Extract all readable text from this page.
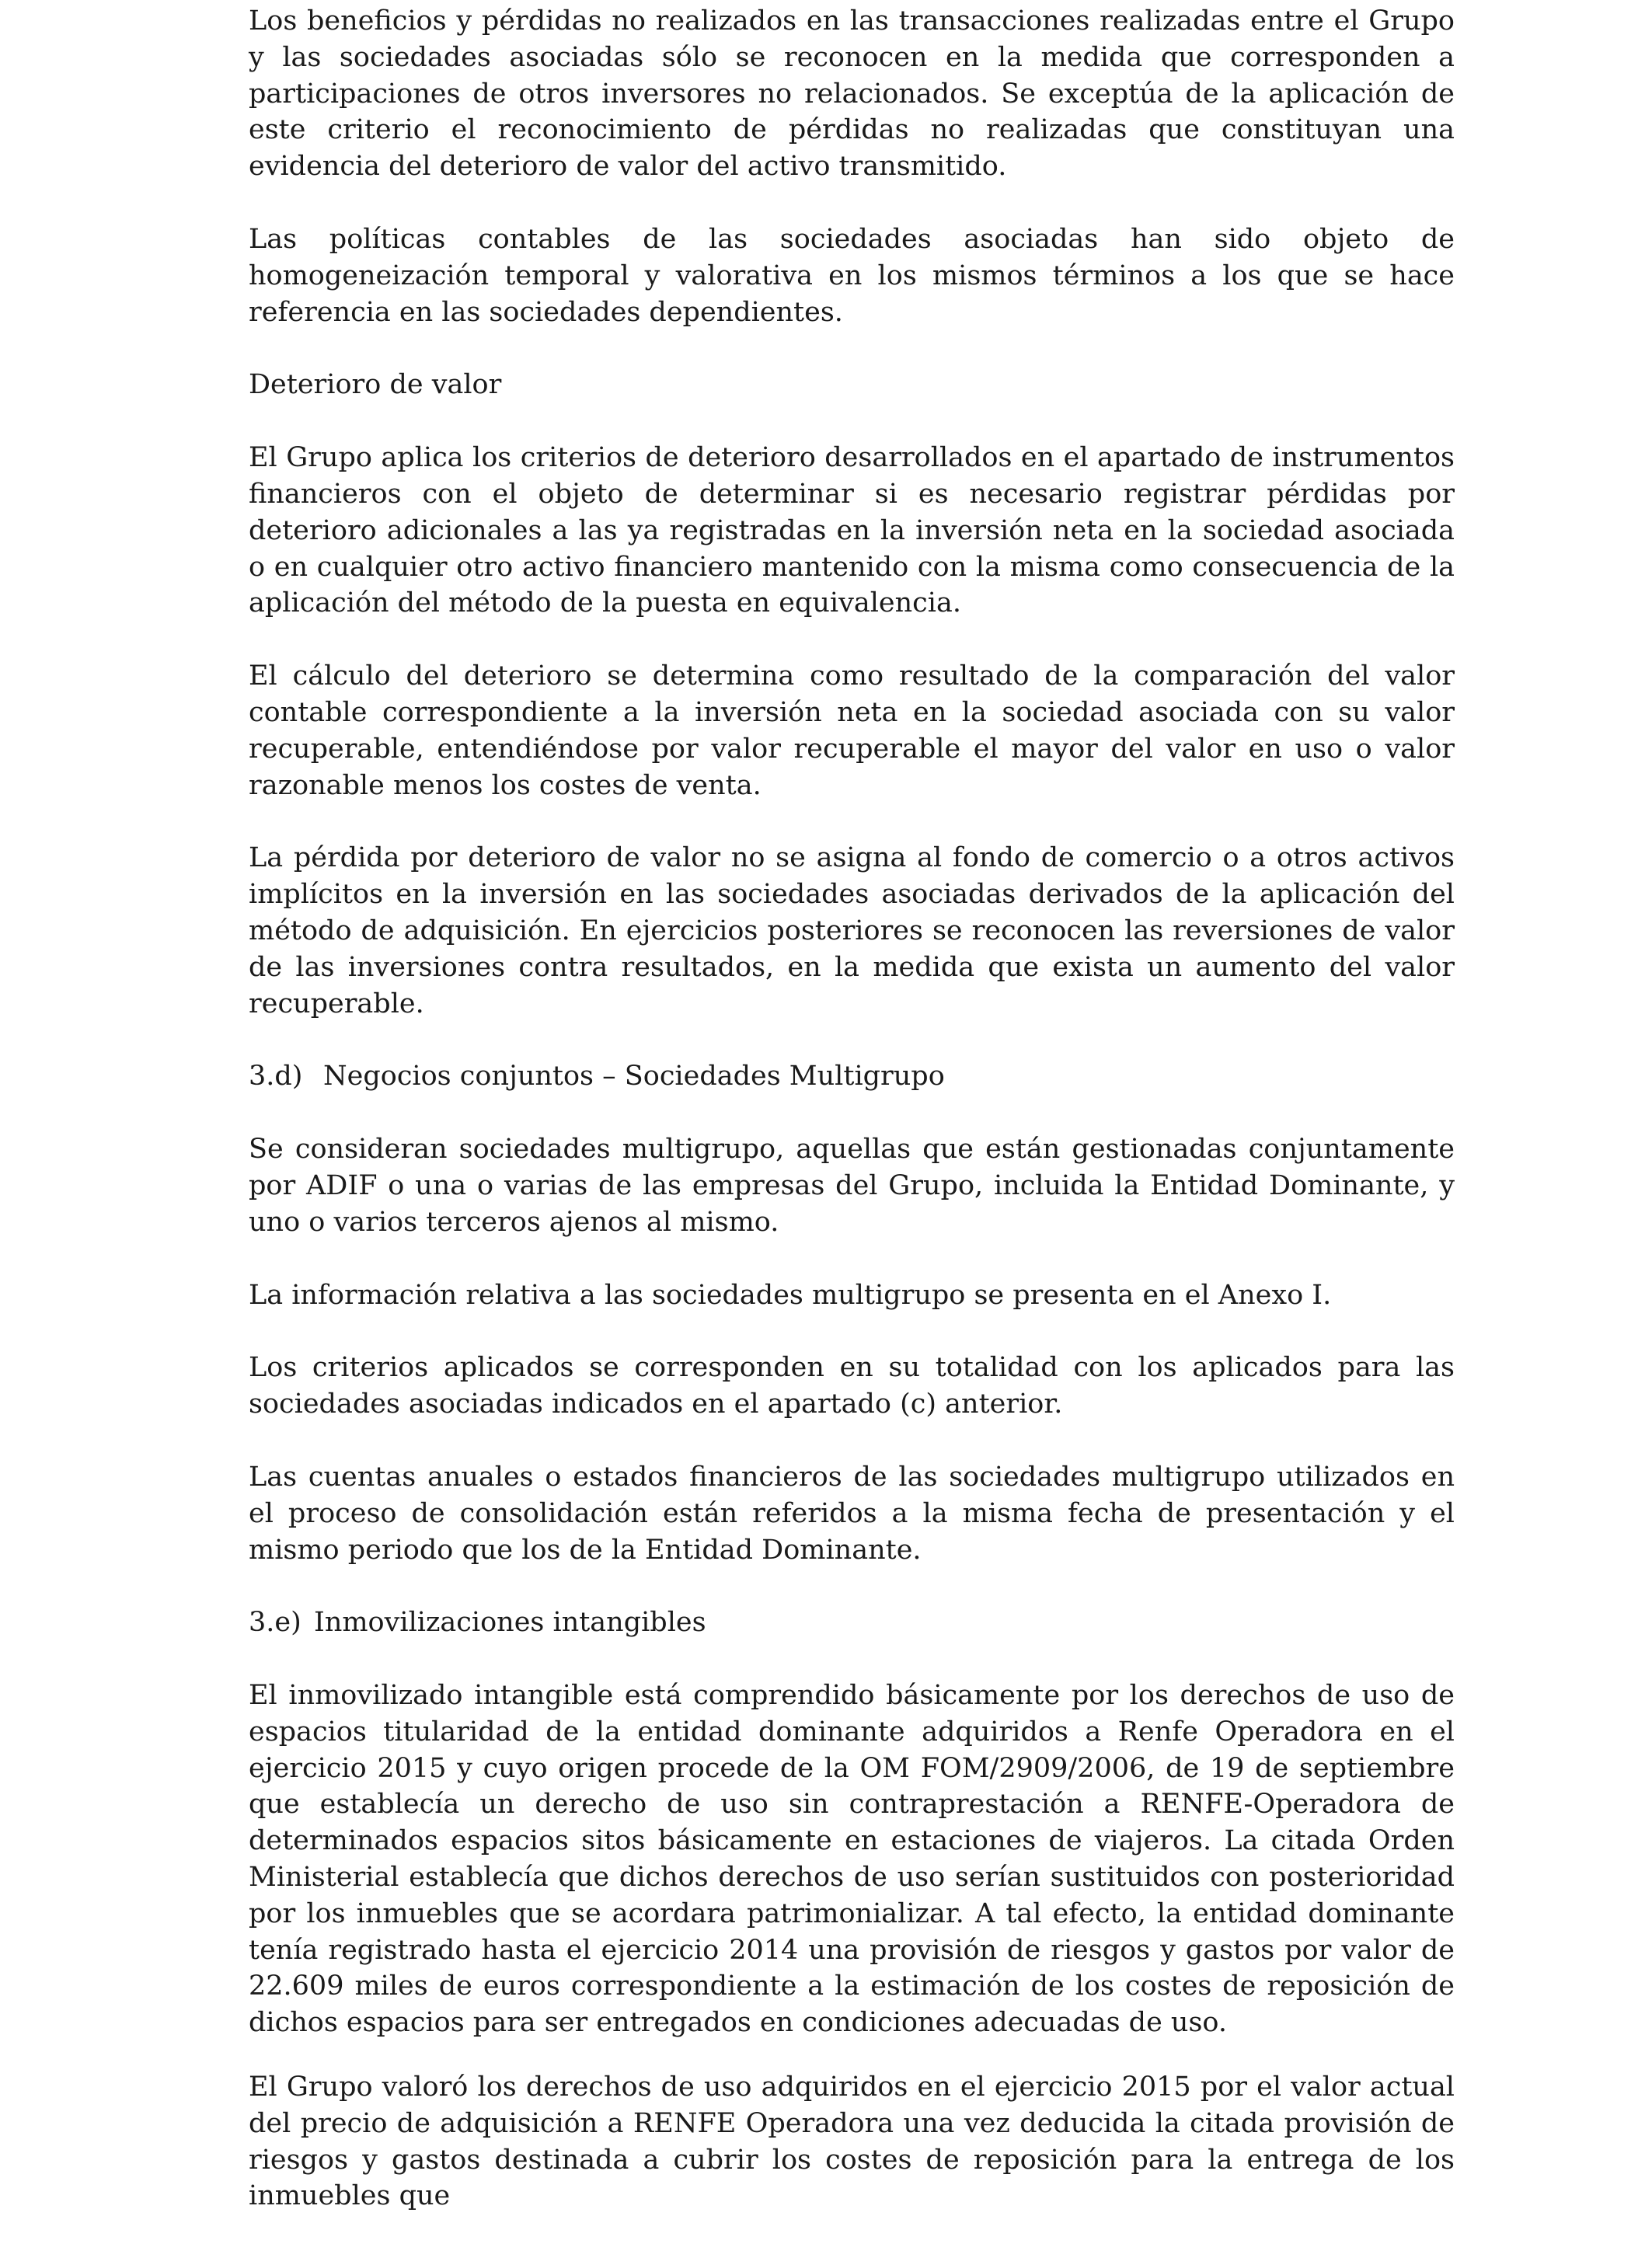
Los beneficios y pérdidas no realizados en las transacciones realizadas entre el Grupo y las sociedades asociadas sólo se reconocen en la medida que corresponden a participaciones de otros inversores no relacionados. Se exceptúa de la aplicación de este criterio el reconocimiento de pérdidas no realizadas que constituyan una evidencia del deterioro de valor del activo transmitido.

Las políticas contables de las sociedades asociadas han sido objeto de homogeneización temporal y valorativa en los mismos términos a los que se hace referencia en las sociedades dependientes.

Deterioro de valor

El Grupo aplica los criterios de deterioro desarrollados en el apartado de instrumentos financieros con el objeto de determinar si es necesario registrar pérdidas por deterioro adicionales a las ya registradas en la inversión neta en la sociedad asociada o en cualquier otro activo financiero mantenido con la misma como consecuencia de la aplicación del método de la puesta en equivalencia.

El cálculo del deterioro se determina como resultado de la comparación del valor contable correspondiente a la inversión neta en la sociedad asociada con su valor recuperable, entendiéndose por valor recuperable el mayor del valor en uso o valor razonable menos los costes de venta.

La pérdida por deterioro de valor no se asigna al fondo de comercio o a otros activos implícitos en la inversión en las sociedades asociadas derivados de la aplicación del método de adquisición. En ejercicios posteriores se reconocen las reversiones de valor de las inversiones contra resultados, en la medida que exista un aumento del valor recuperable.

3.d) Negocios conjuntos – Sociedades Multigrupo

Se consideran sociedades multigrupo, aquellas que están gestionadas conjuntamente por ADIF o una o varias de las empresas del Grupo, incluida la Entidad Dominante, y uno o varios terceros ajenos al mismo.

La información relativa a las sociedades multigrupo se presenta en el Anexo I.

Los criterios aplicados se corresponden en su totalidad con los aplicados para las sociedades asociadas indicados en el apartado (c) anterior.

Las cuentas anuales o estados financieros de las sociedades multigrupo utilizados en el proceso de consolidación están referidos a la misma fecha de presentación y el mismo periodo que los de la Entidad Dominante.

3.e) Inmovilizaciones intangibles

El inmovilizado intangible está comprendido básicamente por los derechos de uso de espacios titularidad de la entidad dominante adquiridos a Renfe Operadora en el ejercicio 2015 y cuyo origen procede de la OM FOM/2909/2006, de 19 de septiembre que establecía un derecho de uso sin contraprestación a RENFE-Operadora de determinados espacios sitos básicamente en estaciones de viajeros. La citada Orden Ministerial establecía que dichos derechos de uso serían sustituidos con posterioridad por los inmuebles que se acordara patrimonializar. A tal efecto, la entidad dominante tenía registrado hasta el ejercicio 2014 una provisión de riesgos y gastos por valor de 22.609 miles de euros correspondiente a la estimación de los costes de reposición de dichos espacios para ser entregados en condiciones adecuadas de uso.

El Grupo valoró los derechos de uso adquiridos en el ejercicio 2015 por el valor actual del precio de adquisición a RENFE Operadora una vez deducida la citada provisión de riesgos y gastos destinada a cubrir los costes de reposición para la entrega de los inmuebles que
